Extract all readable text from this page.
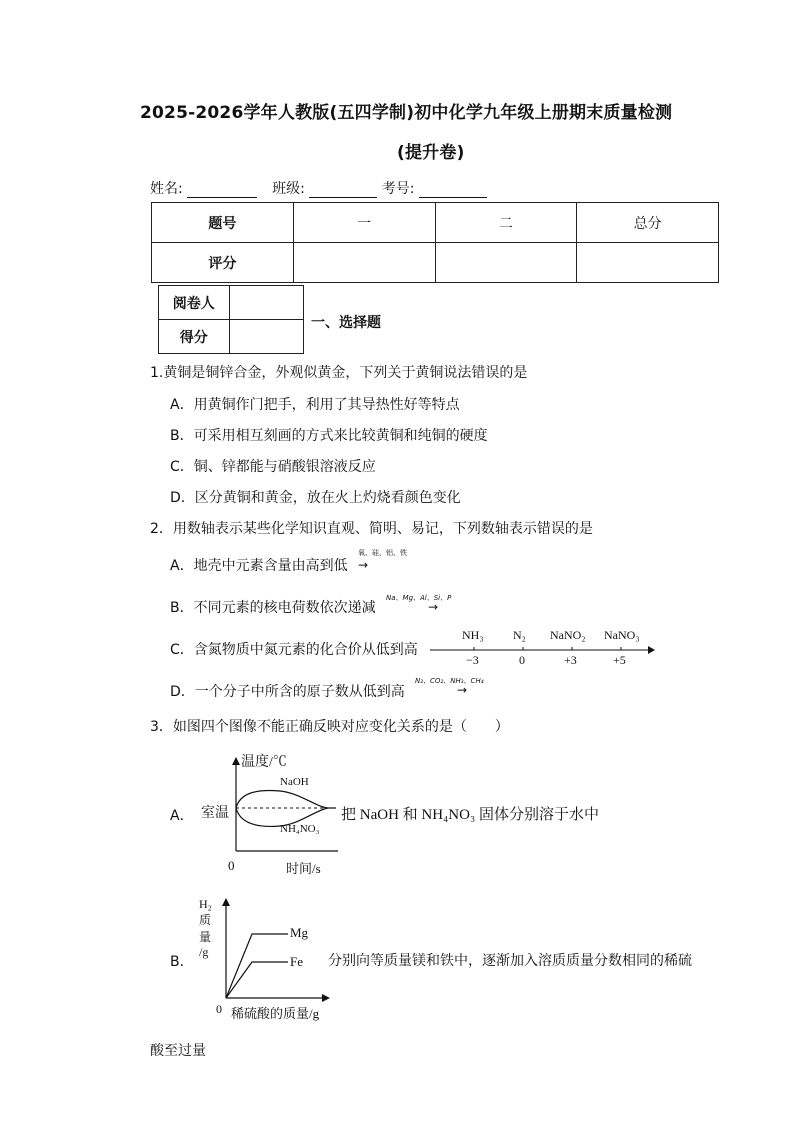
2025-2026学年人教版(五四学制)初中化学九年级上册期末质量检测
(提升卷)
姓名:	班级:	考号:
题号	一	二	总分
评分			
阅卷人	
得分	
一、选择题
1.黄铜是铜锌合金，外观似黄金，下列关于黄铜说法错误的是
A．用黄铜作门把手，利用了其导热性好等特点
B．可采用相互刻画的方式来比较黄铜和纯铜的硬度
C．铜、锌都能与硝酸银溶液反应
D．区分黄铜和黄金，放在火上灼烧看颜色变化
2．用数轴表示某些化学知识直观、简明、易记，下列数轴表示错误的是
A．地壳中元素含量由高到低
氧、硅、铝、铁
→
B．不同元素的核电荷数依次递减
Na、Mg、Al、Si、P
→
C．含氮物质中氮元素的化合价从低到高
NH₃ N₂ NaNO₂ NaNO₃
−3	0	+3	+5
D．一个分子中所含的原子数从低到高
N₂、CO₂、NH₃、CH₄
→
3．如图四个图像不能正确反映对应变化关系的是（　　）
A． 室温
温度/℃
时间/s
0
NaOH
NH₄NO₃
把 NaOH 和 NH₄NO₃ 固体分别溶于水中
B．
H₂
质
量
/g
0 稀硫酸的质量/g
Mg
Fe 分别向等质量镁和铁中，逐渐加入溶质质量分数相同的稀硫
酸至过量
